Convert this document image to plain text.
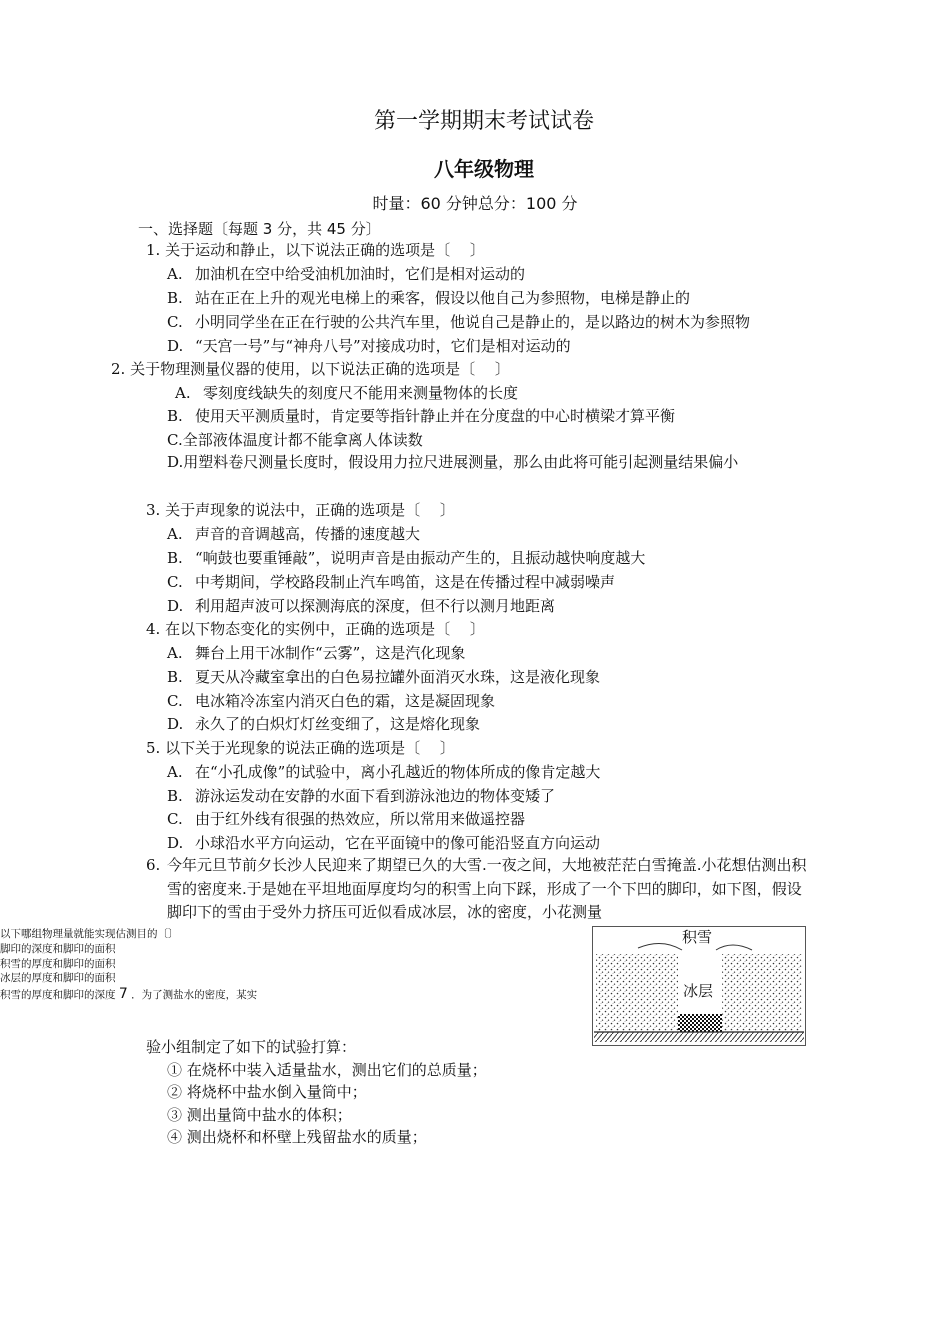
第一学期期末考试试卷
八年级物理
时量：60 分钟总分：100 分
一、选择题〔每题 3 分，共 45 分〕
1. 关于运动和静止，以下说法正确的选项是〔　 〕
A. 加油机在空中给受油机加油时，它们是相对运动的
B. 站在正在上升的观光电梯上的乘客，假设以他自己为参照物，电梯是静止的
C. 小明同学坐在正在行驶的公共汽车里，他说自己是静止的，是以路边的树木为参照物
D. “天宫一号”与“神舟八号”对接成功时，它们是相对运动的
2. 关于物理测量仪器的使用，以下说法正确的选项是〔　 〕
A. 零刻度线缺失的刻度尺不能用来测量物体的长度
B. 使用天平测质量时，肯定要等指针静止并在分度盘的中心时横梁才算平衡
C.全部液体温度计都不能拿离人体读数
D.用塑料卷尺测量长度时，假设用力拉尺进展测量，那么由此将可能引起测量结果偏小
3. 关于声现象的说法中，正确的选项是〔　 〕
A. 声音的音调越高，传播的速度越大
B. “响鼓也要重锤敲”，说明声音是由振动产生的，且振动越快响度越大
C. 中考期间，学校路段制止汽车鸣笛，这是在传播过程中减弱噪声
D. 利用超声波可以探测海底的深度，但不行以测月地距离
4. 在以下物态变化的实例中，正确的选项是〔　 〕
A. 舞台上用干冰制作“云雾”，这是汽化现象
B. 夏天从冷藏室拿出的白色易拉罐外面消灭水珠，这是液化现象
C. 电冰箱冷冻室内消灭白色的霜，这是凝固现象
D. 永久了的白炽灯灯丝变细了，这是熔化现象
5. 以下关于光现象的说法正确的选项是〔　 〕
A. 在“小孔成像”的试验中，离小孔越近的物体所成的像肯定越大
B. 游泳运发动在安静的水面下看到游泳池边的物体变矮了
C. 由于红外线有很强的热效应，所以常用来做遥控器
D. 小球沿水平方向运动，它在平面镜中的像可能沿竖直方向运动
6. 今年元旦节前夕长沙人民迎来了期望已久的大雪.一夜之间，大地被茫茫白雪掩盖.小花想估测出积雪的密度来.于是她在平坦地面厚度均匀的积雪上向下踩，形成了一个下凹的脚印，如下图，假设脚印下的雪由于受外力挤压可近似看成冰层，冰的密度，小花测量
以下哪组物理量就能实现估测目的〔〕
脚印的深度和脚印的面积
积雪的厚度和脚印的面积
冰层的厚度和脚印的面积
积雪的厚度和脚印的深度 7 ．为了测盐水的密度，某实
积雪
冰层
验小组制定了如下的试验打算：
① 在烧杯中装入适量盐水，测出它们的总质量；
② 将烧杯中盐水倒入量筒中；
③ 测出量筒中盐水的体积；
④ 测出烧杯和杯壁上残留盐水的质量；
